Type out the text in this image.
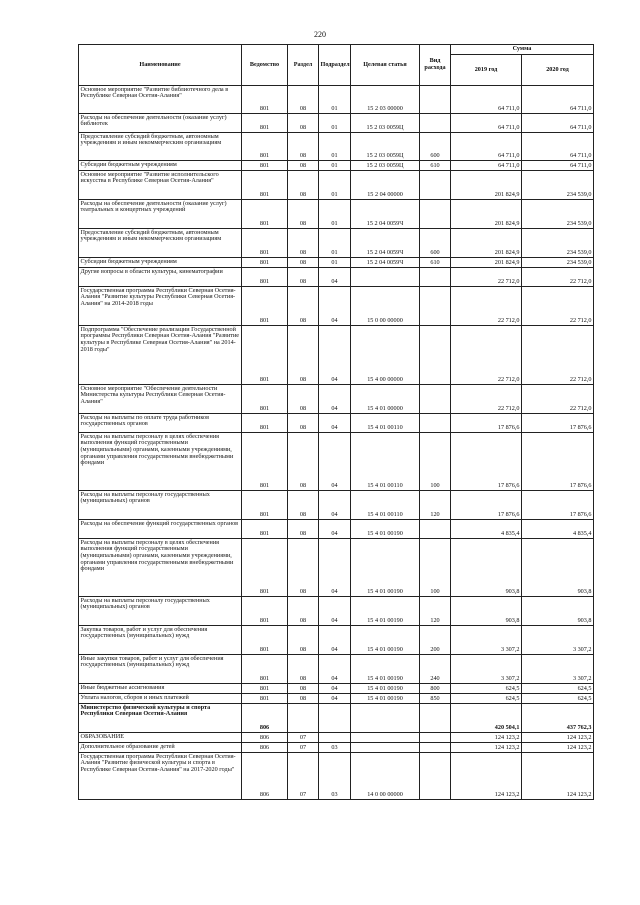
220
Наименование	Ведомство	Раздел	Подраздел	Целевая статья	Вид расхода	Сумма	
						2019 год	2020 год
Основное мероприятие "Развитие библиотечного дела в Республике Северная Осетия-Алания"	801	08	01	15 2 03 00000		64 711,0	64 711,0
Расходы на обеспечение деятельности (оказание услуг) библиотек	801	08	01	15 2 03 0059Ц		64 711,0	64 711,0
Предоставление субсидий бюджетным, автономным учреждениям и иным некоммерческим организациям	801	08	01	15 2 03 0059Ц	600	64 711,0	64 711,0
Субсидии бюджетным учреждениям	801	08	01	15 2 03 0059Ц	610	64 711,0	64 711,0
Основное мероприятие "Развитие исполнительского искусства в Республике Северная Осетия-Алания"	801	08	01	15 2 04 00000		201 824,9	234 539,0
Расходы на обеспечение деятельности (оказание услуг) театральных и концертных учреждений	801	08	01	15 2 04 0059Ч		201 824,9	234 539,0
Предоставление субсидий бюджетным, автономным учреждениям и иным некоммерческим организациям	801	08	01	15 2 04 0059Ч	600	201 824,9	234 539,0
Субсидии бюджетным учреждениям	801	08	01	15 2 04 0059Ч	610	201 824,9	234 539,0
Другие вопросы в области культуры, кинематографии	801	08	04			22 712,0	22 712,0
Государственная программа Республики Северная Осетия-Алания "Развитие культуры Республики Северная Осетия-Алания" на 2014-2018 годы	801	08	04	15 0 00 00000		22 712,0	22 712,0
Подпрограмма "Обеспечение реализации Государственной программы Республики Северная Осетия-Алания "Развитие культуры в Республике Северная Осетия-Алания" на 2014-2018 годы"	801	08	04	15 4 00 00000		22 712,0	22 712,0
Основное мероприятие "Обеспечение деятельности Министерства культуры Республики Северная Осетия-Алания"	801	08	04	15 4 01 00000		22 712,0	22 712,0
Расходы на выплаты по оплате труда работников государственных органов	801	08	04	15 4 01 00110		17 876,6	17 876,6
Расходы на выплаты персоналу в целях обеспечения выполнения функций государственными (муниципальными) органами, казенными учреждениями, органами управления государственными внебюджетными фондами	801	08	04	15 4 01 00110	100	17 876,6	17 876,6
Расходы на выплаты персоналу государственных (муниципальных) органов	801	08	04	15 4 01 00110	120	17 876,6	17 876,6
Расходы на обеспечение функций государственных органов	801	08	04	15 4 01 00190		4 835,4	4 835,4
Расходы на выплаты персоналу в целях обеспечения выполнения функций государственными (муниципальными) органами, казенными учреждениями, органами управления государственными внебюджетными фондами	801	08	04	15 4 01 00190	100	903,8	903,8
Расходы на выплаты персоналу государственных (муниципальных) органов	801	08	04	15 4 01 00190	120	903,8	903,8
Закупка товаров, работ и услуг для обеспечения государственных (муниципальных) нужд	801	08	04	15 4 01 00190	200	3 307,2	3 307,2
Иные закупки товаров, работ и услуг для обеспечения государственных (муниципальных) нужд	801	08	04	15 4 01 00190	240	3 307,2	3 307,2
Иные бюджетные ассигнования	801	08	04	15 4 01 00190	800	624,5	624,5
Уплата налогов, сборов и иных платежей	801	08	04	15 4 01 00190	850	624,5	624,5
Министерство физической культуры и спорта Республики Северная Осетия-Алания	806					420 504,1	437 762,3
ОБРАЗОВАНИЕ	806	07				124 123,2	124 123,2
Дополнительное образование детей	806	07	03			124 123,2	124 123,2
Государственная программа Республики Северная Осетия-Алания "Развитие физической культуры и спорта в Республике Северная Осетия-Алания" на 2017-2020 годы"	806	07	03	14 0 00 00000		124 123,2	124 123,2
